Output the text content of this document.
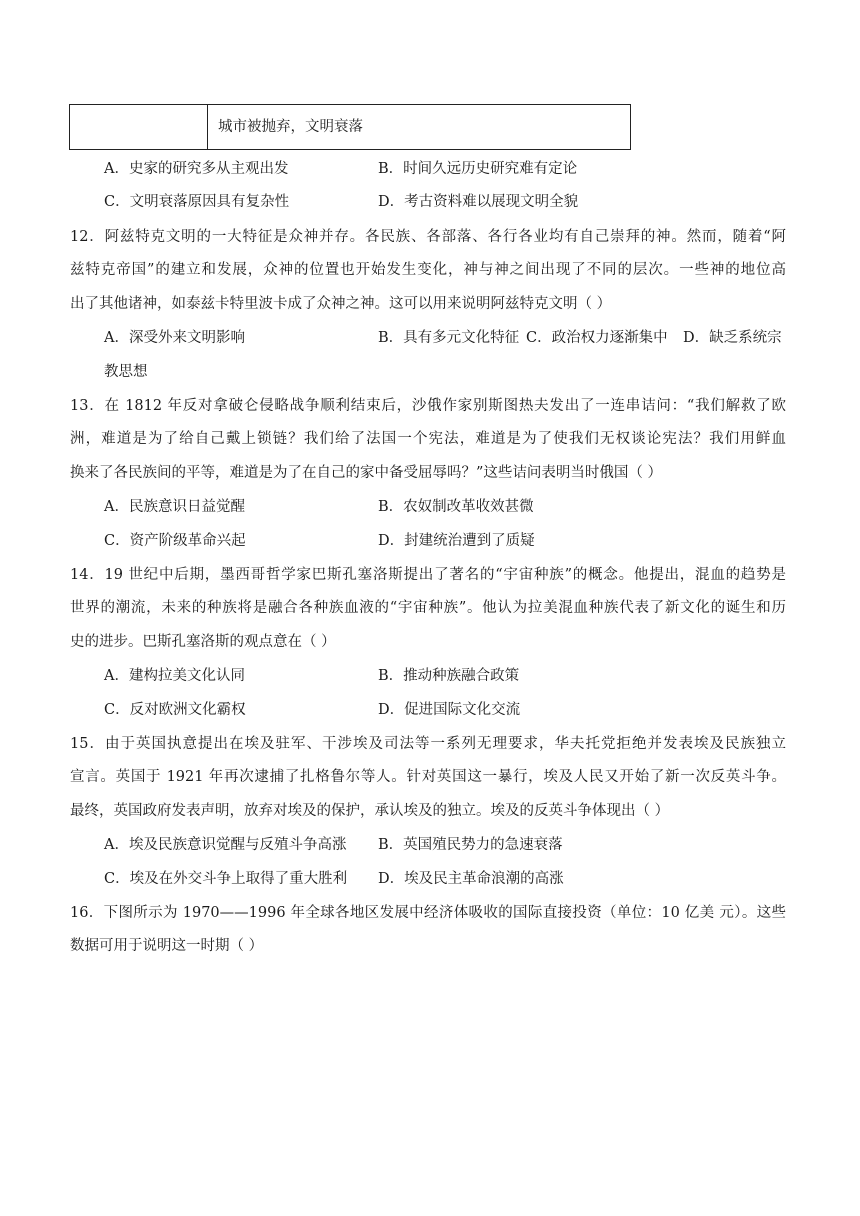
城市被抛弃，文明衰落
A．史家的研究多从主观出发	B．时间久远历史研究难有定论
C．文明衰落原因具有复杂性	D．考古资料难以展现文明全貌
12．阿兹特克文明的一大特征是众神并存。各民族、各部落、各行各业均有自己崇拜的神。然而，随着“阿
兹特克帝国”的建立和发展，众神的位置也开始发生变化，神与神之间出现了不同的层次。一些神的地位高
出了其他诸神，如泰兹卡特里波卡成了众神之神。这可以用来说明阿兹特克文明（ ）
A．深受外来文明影响	B．具有多元文化特征 C．政治权力逐渐集中 D．缺乏系统宗
教思想
13．在 1812 年反对拿破仑侵略战争顺利结束后，沙俄作家别斯图热夫发出了一连串诘问：“我们解救了欧
洲，难道是为了给自己戴上锁链？我们给了法国一个宪法，难道是为了使我们无权谈论宪法？我们用鲜血
换来了各民族间的平等，难道是为了在自己的家中备受屈辱吗？”这些诘问表明当时俄国（ ）
A．民族意识日益觉醒	B．农奴制改革收效甚微
C．资产阶级革命兴起	D．封建统治遭到了质疑
14．19 世纪中后期，墨西哥哲学家巴斯孔塞洛斯提出了著名的“宇宙种族”的概念。他提出，混血的趋势是
世界的潮流，未来的种族将是融合各种族血液的“宇宙种族”。他认为拉美混血种族代表了新文化的诞生和历
史的进步。巴斯孔塞洛斯的观点意在（ ）
A．建构拉美文化认同	B．推动种族融合政策
C．反对欧洲文化霸权	D．促进国际文化交流
15．由于英国执意提出在埃及驻军、干涉埃及司法等一系列无理要求，华夫托党拒绝并发表埃及民族独立
宣言。英国于 1921 年再次逮捕了扎格鲁尔等人。针对英国这一暴行，埃及人民又开始了新一次反英斗争。
最终，英国政府发表声明，放弃对埃及的保护，承认埃及的独立。埃及的反英斗争体现出（ ）
A．埃及民族意识觉醒与反殖斗争高涨 B．英国殖民势力的急速衰落
C．埃及在外交斗争上取得了重大胜利 D．埃及民主革命浪潮的高涨
16．下图所示为 1970——1996 年全球各地区发展中经济体吸收的国际直接投资（单位：10 亿美 元）。这些
数据可用于说明这一时期（ ）
